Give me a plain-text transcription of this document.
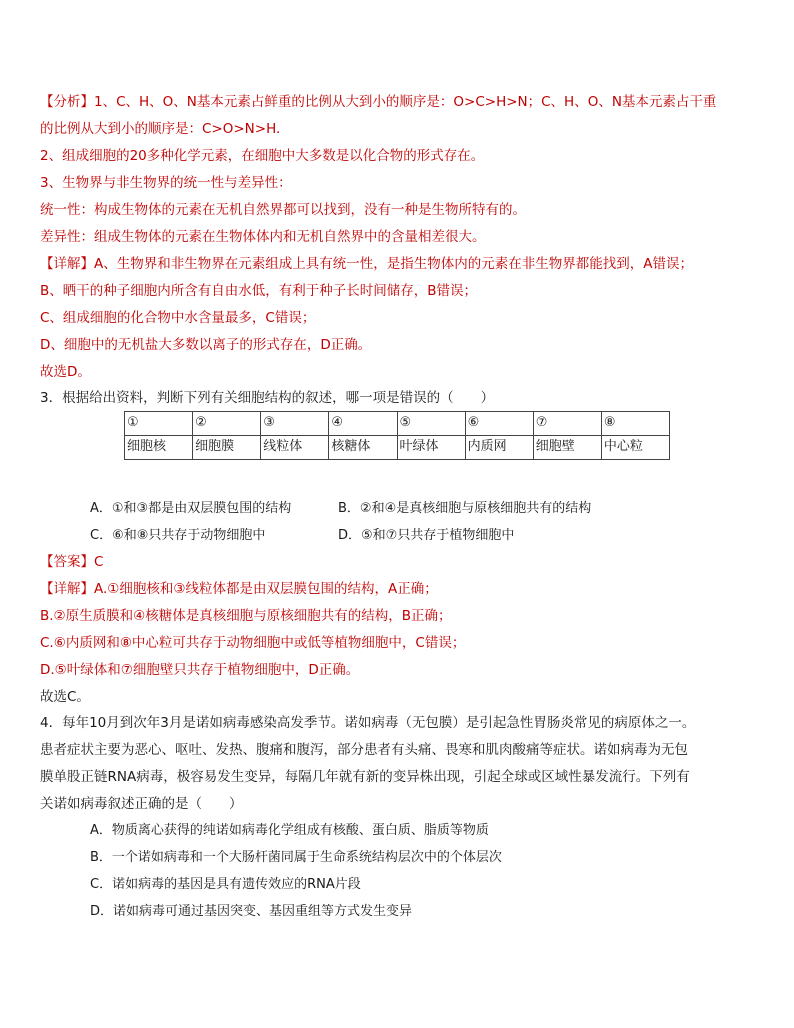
【分析】1、C、H、O、N基本元素占鲜重的比例从大到小的顺序是：O>C>H>N；C、H、O、N基本元素占干重
的比例从大到小的顺序是：C>O>N>H.
2、组成细胞的20多种化学元素，在细胞中大多数是以化合物的形式存在。
3、生物界与非生物界的统一性与差异性：
统一性：构成生物体的元素在无机自然界都可以找到，没有一种是生物所特有的。
差异性：组成生物体的元素在生物体体内和无机自然界中的含量相差很大。
【详解】A、生物界和非生物界在元素组成上具有统一性，是指生物体内的元素在非生物界都能找到，A错误；
B、晒干的种子细胞内所含有自由水低，有利于种子长时间储存，B错误；
C、组成细胞的化合物中水含量最多，C错误；
D、细胞中的无机盐大多数以离子的形式存在，D正确。
故选D。
3．根据给出资料，判断下列有关细胞结构的叙述，哪一项是错误的（　　）
①	②	③	④	⑤	⑥	⑦	⑧
细胞核	细胞膜	线粒体	核糖体	叶绿体	内质网	细胞壁	中心粒
A．①和③都是由双层膜包围的结构	B．②和④是真核细胞与原核细胞共有的结构
C．⑥和⑧只共存于动物细胞中	D．⑤和⑦只共存于植物细胞中
【答案】C
【详解】A.①细胞核和③线粒体都是由双层膜包围的结构，A正确；
B.②原生质膜和④核糖体是真核细胞与原核细胞共有的结构，B正确；
C.⑥内质网和⑧中心粒可共存于动物细胞中或低等植物细胞中，C错误；
D.⑤叶绿体和⑦细胞壁只共存于植物细胞中，D正确。
故选C。
4．每年10月到次年3月是诺如病毒感染高发季节。诺如病毒（无包膜）是引起急性胃肠炎常见的病原体之一。
患者症状主要为恶心、呕吐、发热、腹痛和腹泻，部分患者有头痛、畏寒和肌肉酸痛等症状。诺如病毒为无包
膜单股正链RNA病毒，极容易发生变异，每隔几年就有新的变异株出现，引起全球或区域性暴发流行。下列有
关诺如病毒叙述正确的是（　　）
A．物质离心获得的纯诺如病毒化学组成有核酸、蛋白质、脂质等物质
B．一个诺如病毒和一个大肠杆菌同属于生命系统结构层次中的个体层次
C．诺如病毒的基因是具有遗传效应的RNA片段
D．诺如病毒可通过基因突变、基因重组等方式发生变异
